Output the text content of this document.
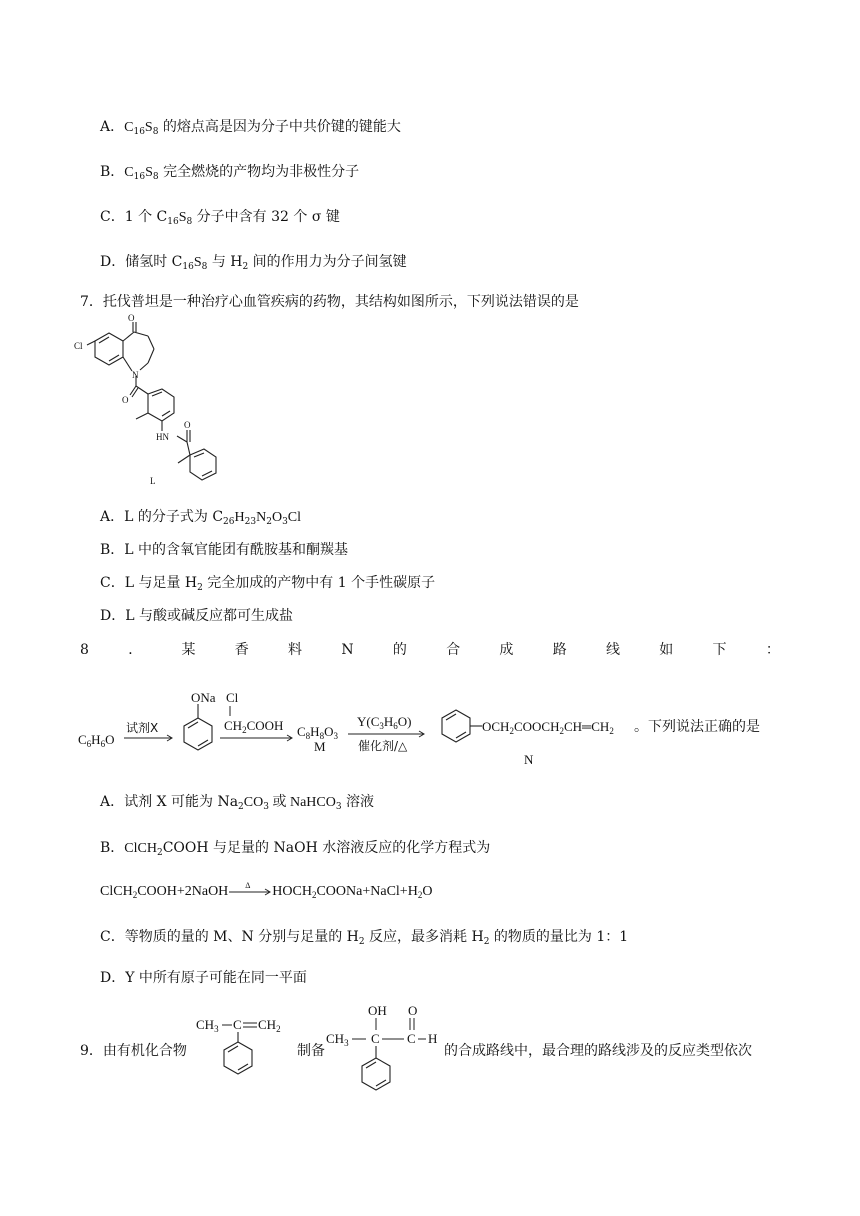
A．$C_{16}S_8$ 的熔点高是因为分子中共价键的键能大
B．$C_{16}S_8$ 完全燃烧的产物均为非极性分子
C．1 个 $C_{16}S_8$ 分子中含有 32 个 σ 键
D．储氢时 $C_{16}S_8$ 与 $H_2$ 间的作用力为分子间氢键
7．托伐普坦是一种治疗心血管疾病的药物，其结构如图所示，下列说法错误的是
O
Cl
N
O
HN
O
L
A．L 的分子式为 $C_{26}H_{23}N_2O_3Cl$
B．L 中的含氧官能团有酰胺基和酮羰基
C．L 与足量 $H_2$ 完全加成的产物中有 1 个手性碳原子
D．L 与酸或碱反应都可生成盐
8	．	某	香	料	N	的	合	成	路	线	如	下	：
$C_6H_6O$
试剂X
ONa Cl
$CH_2COOH$ $C_8H_8O_3$
M
$Y(C_3H_6O)$
催化剂/△
$OCH_2COOCH_2CH═CH_2$
N
。下列说法正确的是
A．试剂 X 可能为 $Na_2CO_3$ 或 NaHCO$_3$ 溶液
B．ClCH$_2$COOH 与足量的 NaOH 水溶液反应的化学方程式为
ClCH$_2$COOH+2NaOH Δ $HOCH_2COONa+NaCl+H_2O$
C．等物质的量的 M、N 分别与足量的 $H_2$ 反应，最多消耗 $H_2$ 的物质的量比为 1：1
D．Y 中所有原子可能在同一平面
9．由有机化合物
$CH_3$ C $CH_2$
制备
OH O
$CH_3$ C C H
的合成路线中，最合理的路线涉及的反应类型依次
